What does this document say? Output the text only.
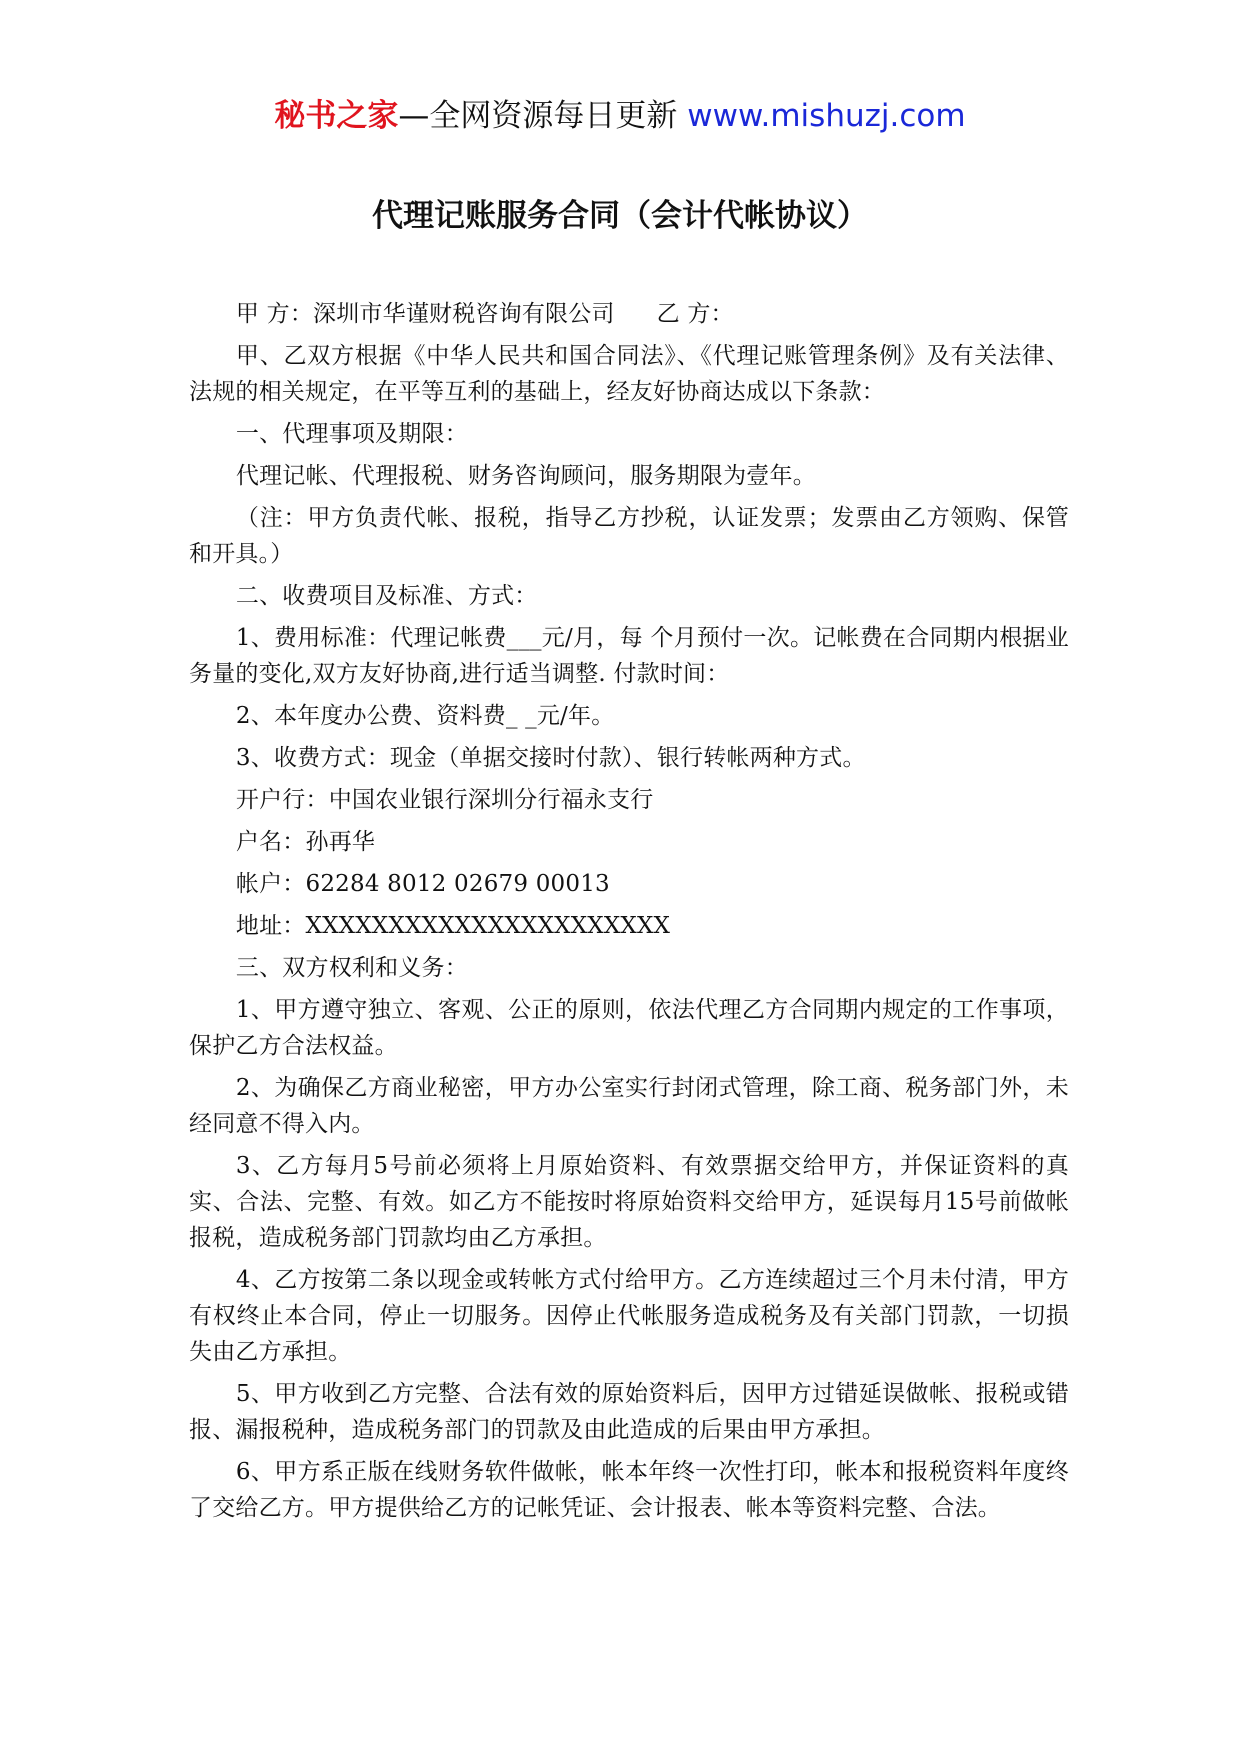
秘书之家—全网资源每日更新 www.mishuzj.com
代理记账服务合同（会计代帐协议）

甲 方：深圳市华谨财税咨询有限公司 乙 方：

甲、乙双方根据《中华人民共和国合同法》、《代理记账管理条例》及有关法律、法规的相关规定，在平等互利的基础上，经友好协商达成以下条款：

一、代理事项及期限：

代理记帐、代理报税、财务咨询顾问，服务期限为壹年。

（注：甲方负责代帐、报税，指导乙方抄税，认证发票；发票由乙方领购、保管和开具。）

二、收费项目及标准、方式：

1、费用标准：代理记帐费___元/月，每 个月预付一次。记帐费在合同期内根据业务量的变化,双方友好协商,进行适当调整. 付款时间：

2、本年度办公费、资料费_ _元/年。

3、收费方式：现金（单据交接时付款）、银行转帐两种方式。

开户行：中国农业银行深圳分行福永支行

户名：孙再华

帐户：62284 8012 02679 00013

地址：XXXXXXXXXXXXXXXXXXXXXX

三、双方权利和义务：

1、甲方遵守独立、客观、公正的原则，依法代理乙方合同期内规定的工作事项，保护乙方合法权益。

2、为确保乙方商业秘密，甲方办公室实行封闭式管理，除工商、税务部门外，未经同意不得入内。

3、乙方每月5号前必须将上月原始资料、有效票据交给甲方，并保证资料的真实、合法、完整、有效。如乙方不能按时将原始资料交给甲方，延误每月15号前做帐报税，造成税务部门罚款均由乙方承担。

4、乙方按第二条以现金或转帐方式付给甲方。乙方连续超过三个月未付清，甲方有权终止本合同，停止一切服务。因停止代帐服务造成税务及有关部门罚款，一切损失由乙方承担。

5、甲方收到乙方完整、合法有效的原始资料后，因甲方过错延误做帐、报税或错报、漏报税种，造成税务部门的罚款及由此造成的后果由甲方承担。

6、甲方系正版在线财务软件做帐，帐本年终一次性打印，帐本和报税资料年度终了交给乙方。甲方提供给乙方的记帐凭证、会计报表、帐本等资料完整、合法。
